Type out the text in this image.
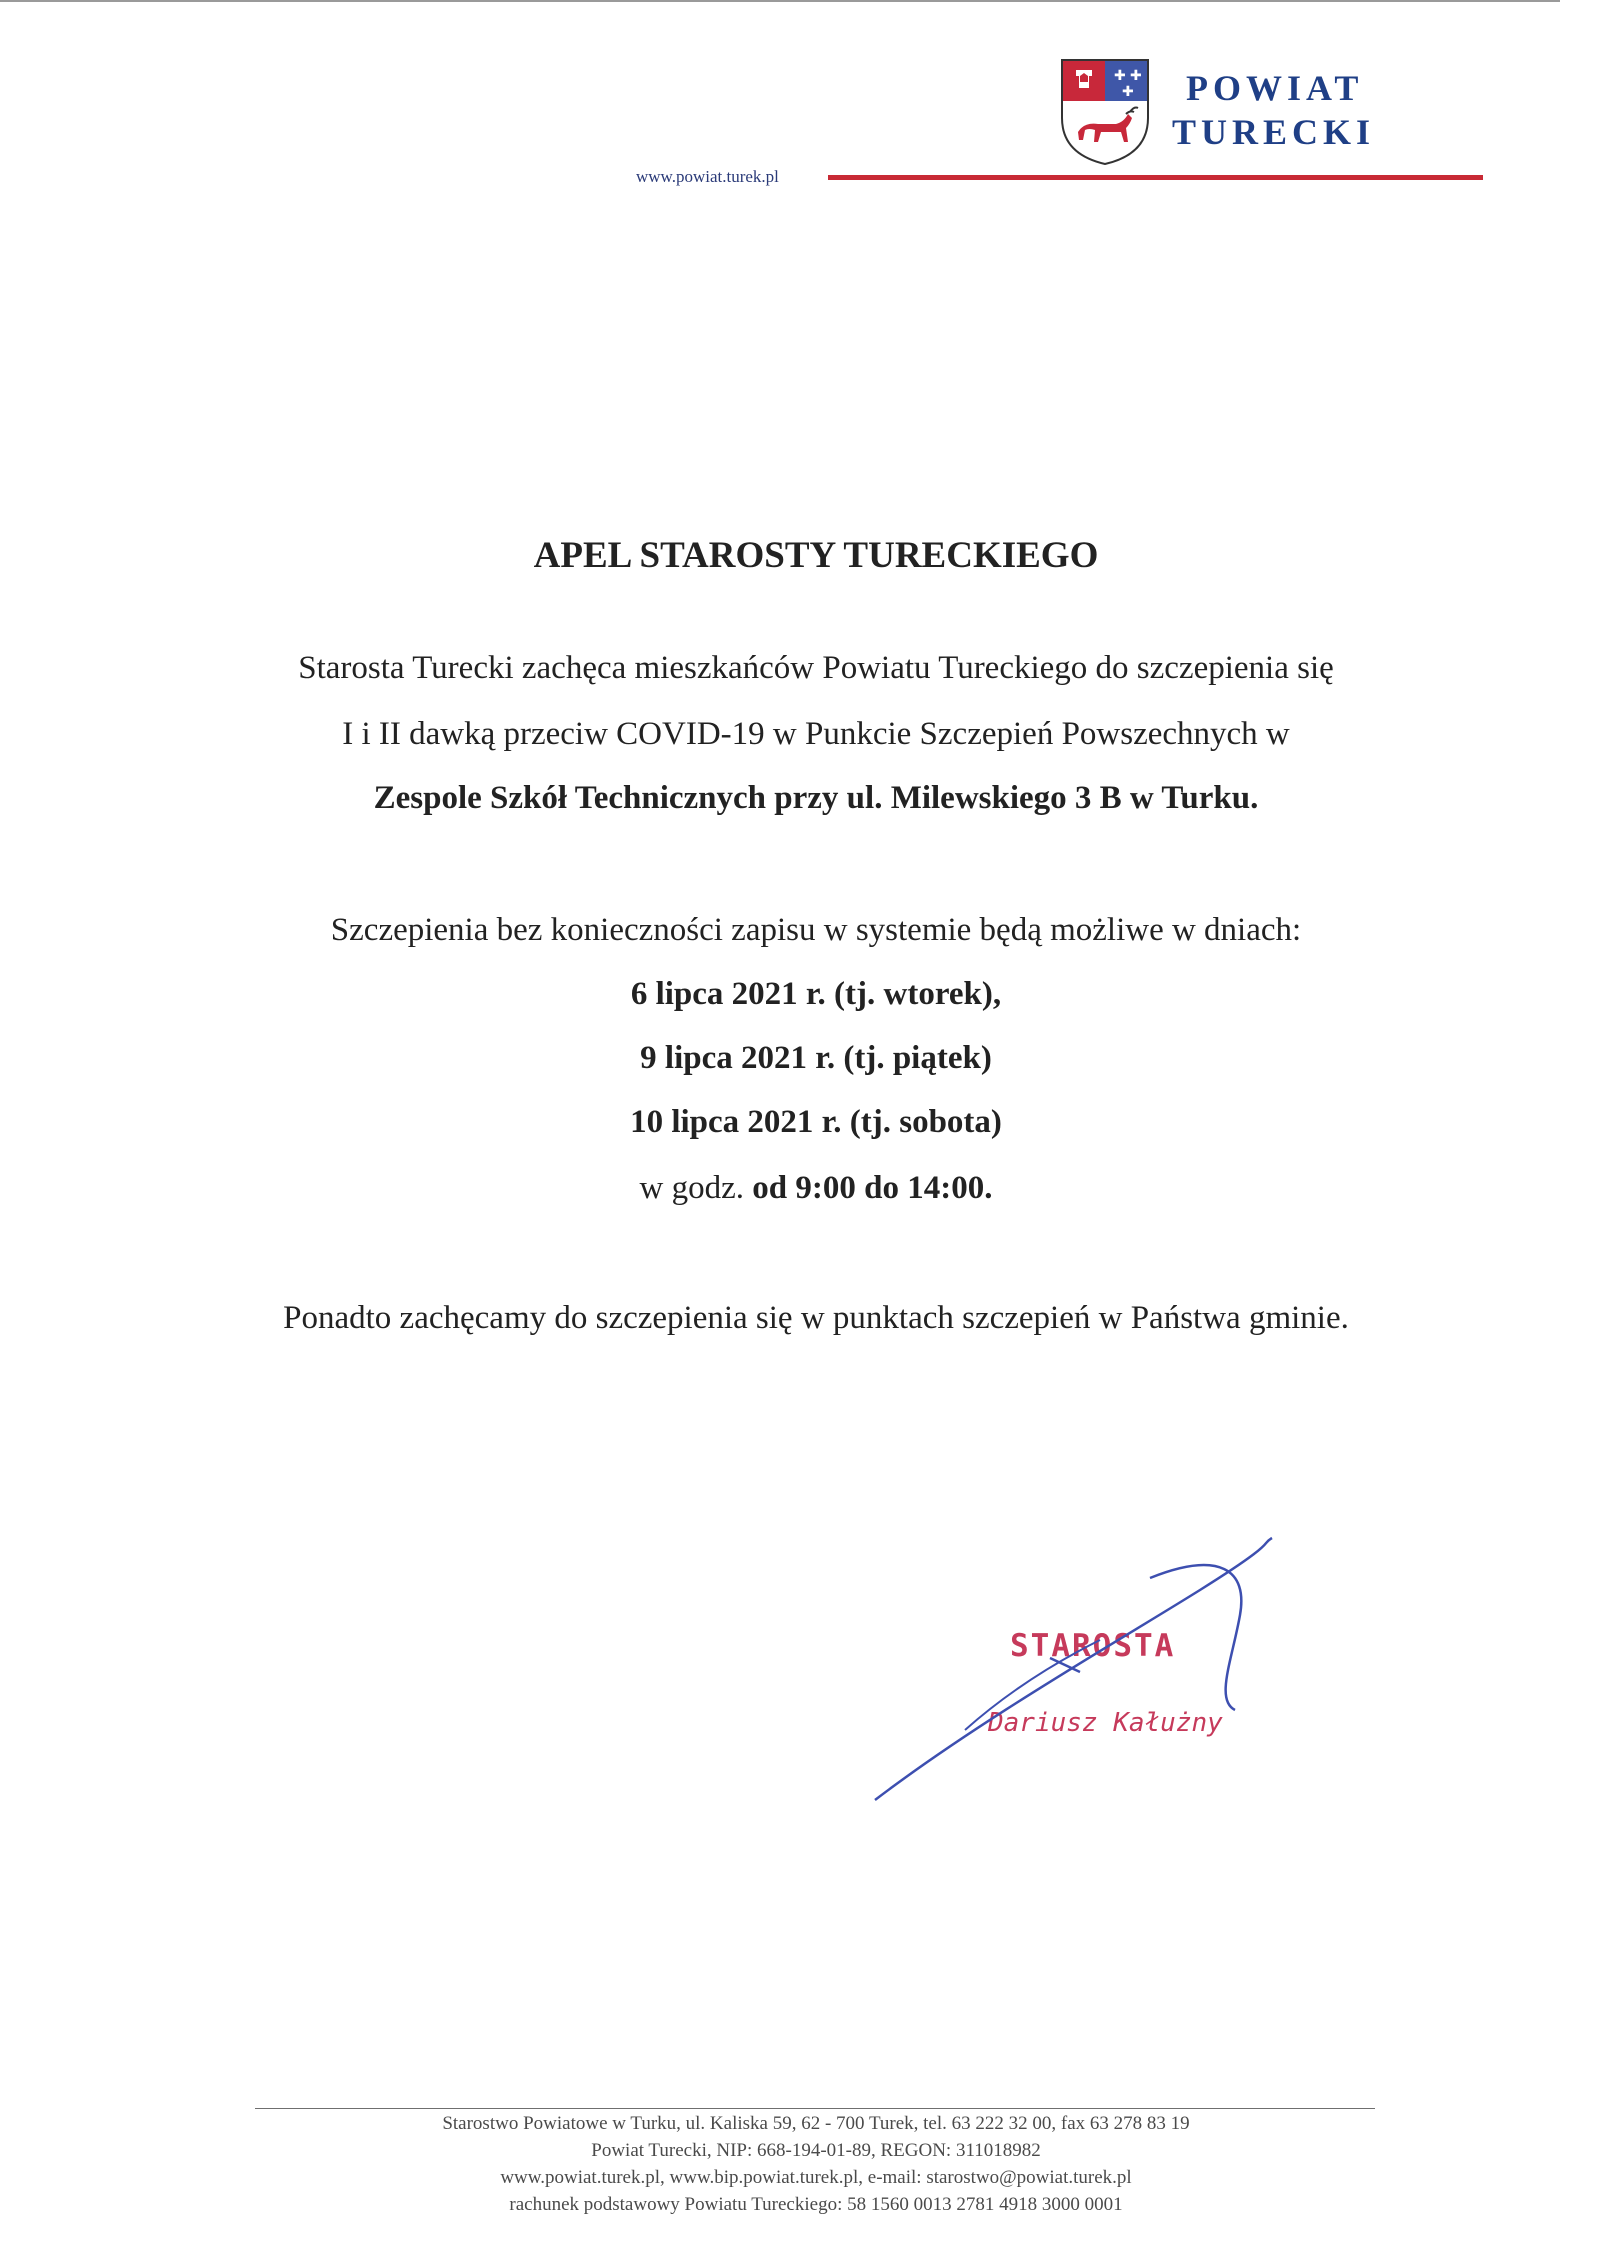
✚ ✚
✚ POWIAT
TURECKI
www.powiat.turek.pl
APEL STAROSTY TURECKIEGO
Starosta Turecki zachęca mieszkańców Powiatu Tureckiego do szczepienia się
I i II dawką przeciw COVID-19 w Punkcie Szczepień Powszechnych w
Zespole Szkół Technicznych przy ul. Milewskiego 3 B w Turku.
Szczepienia bez konieczności zapisu w systemie będą możliwe w dniach:
6 lipca 2021 r. (tj. wtorek),
9 lipca 2021 r. (tj. piątek)
10 lipca 2021 r. (tj. sobota)
w godz. od 9:00 do 14:00.
Ponadto zachęcamy do szczepienia się w punktach szczepień w Państwa gminie.
STAROSTA
Dariusz Kałużny
Starostwo Powiatowe w Turku, ul. Kaliska 59, 62 - 700 Turek, tel. 63 222 32 00, fax 63 278 83 19
Powiat Turecki, NIP: 668-194-01-89, REGON: 311018982
www.powiat.turek.pl, www.bip.powiat.turek.pl, e-mail: starostwo@powiat.turek.pl
rachunek podstawowy Powiatu Tureckiego: 58 1560 0013 2781 4918 3000 0001
